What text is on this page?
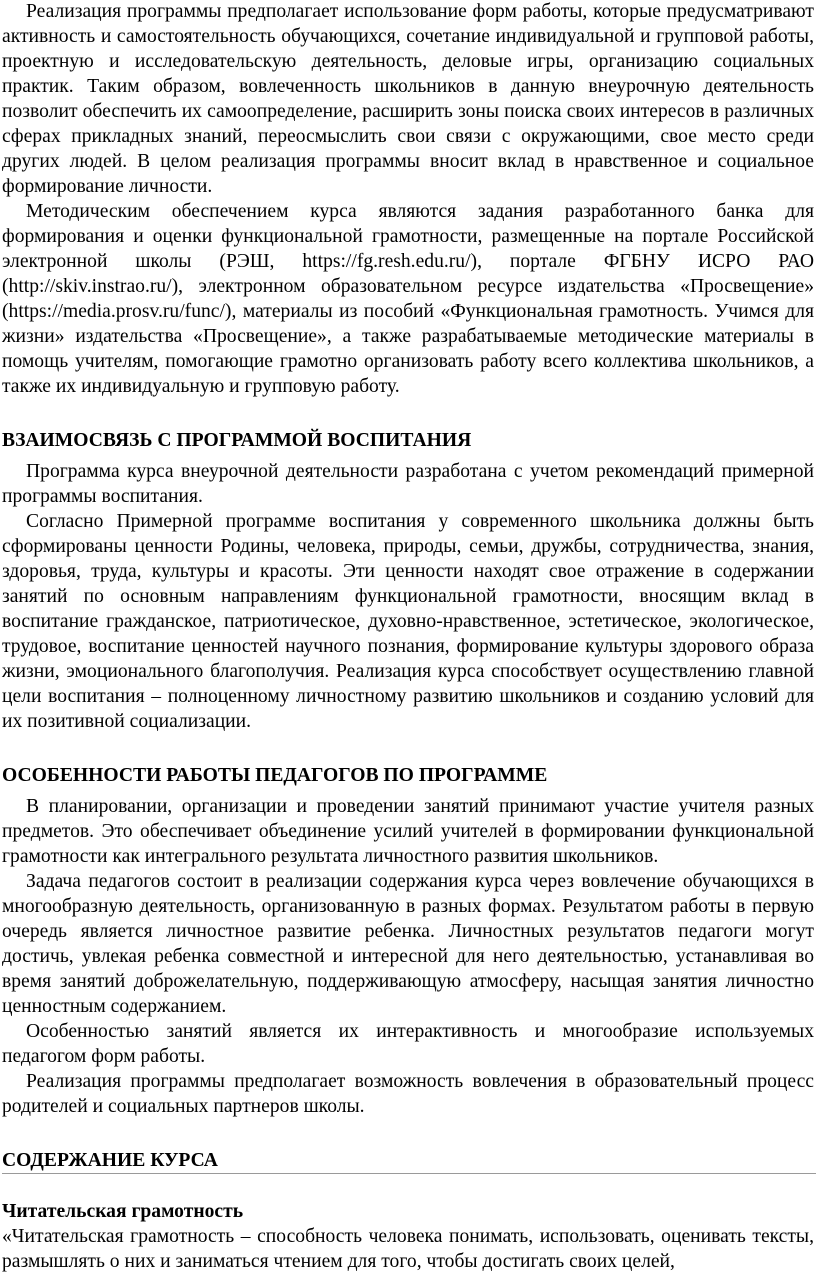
Реализация программы предполагает использование форм работы, которые предусматривают активность и самостоятельность обучающихся, сочетание индивидуальной и групповой работы, проектную и исследовательскую деятельность, деловые игры, организацию социальных практик. Таким образом, вовлеченность школьников в данную внеурочную деятельность позволит обеспечить их самоопределение, расширить зоны поиска своих интересов в различных сферах прикладных знаний, переосмыслить свои связи с окружающими, свое место среди других людей. В целом реализация программы вносит вклад в нравственное и социальное формирование личности.

Методическим обеспечением курса являются задания разработанного банка для формирования и оценки функциональной грамотности, размещенные на портале Российской электронной школы (РЭШ, https://fg.resh.edu.ru/), портале ФГБНУ ИСРО РАО (http://skiv.instrao.ru/), электронном образовательном ресурсе издательства «Просвещение» (https://media.prosv.ru/func/), материалы из пособий «Функциональная грамотность. Учимся для жизни» издательства «Просвещение», а также разрабатываемые методические материалы в помощь учителям, помогающие грамотно организовать работу всего коллектива школьников, а также их индивидуальную и групповую работу.

ВЗАИМОСВЯЗЬ С ПРОГРАММОЙ ВОСПИТАНИЯ

Программа курса внеурочной деятельности разработана с учетом рекомендаций примерной программы воспитания.

Согласно Примерной программе воспитания у современного школьника должны быть сформированы ценности Родины, человека, природы, семьи, дружбы, сотрудничества, знания, здоровья, труда, культуры и красоты. Эти ценности находят свое отражение в содержании занятий по основным направлениям функциональной грамотности, вносящим вклад в воспитание гражданское, патриотическое, духовно-нравственное, эстетическое, экологическое, трудовое, воспитание ценностей научного познания, формирование культуры здорового образа жизни, эмоционального благополучия. Реализация курса способствует осуществлению главной цели воспитания – полноценному личностному развитию школьников и созданию условий для их позитивной социализации.

ОСОБЕННОСТИ РАБОТЫ ПЕДАГОГОВ ПО ПРОГРАММЕ

В планировании, организации и проведении занятий принимают участие учителя разных предметов. Это обеспечивает объединение усилий учителей в формировании функциональной грамотности как интегрального результата личностного развития школьников.

Задача педагогов состоит в реализации содержания курса через вовлечение обучающихся в многообразную деятельность, организованную в разных формах. Результатом работы в первую очередь является личностное развитие ребенка. Личностных результатов педагоги могут достичь, увлекая ребенка совместной и интересной для него деятельностью, устанавливая во время занятий доброжелательную, поддерживающую атмосферу, насыщая занятия личностно ценностным содержанием.

Особенностью занятий является их интерактивность и многообразие используемых педагогом форм работы.

Реализация программы предполагает возможность вовлечения в образовательный процесс родителей и социальных партнеров школы.

СОДЕРЖАНИЕ КУРСА

Читательская грамотность

«Читательская грамотность – способность человека понимать, использовать, оценивать тексты, размышлять о них и заниматься чтением для того, чтобы достигать своих целей,
